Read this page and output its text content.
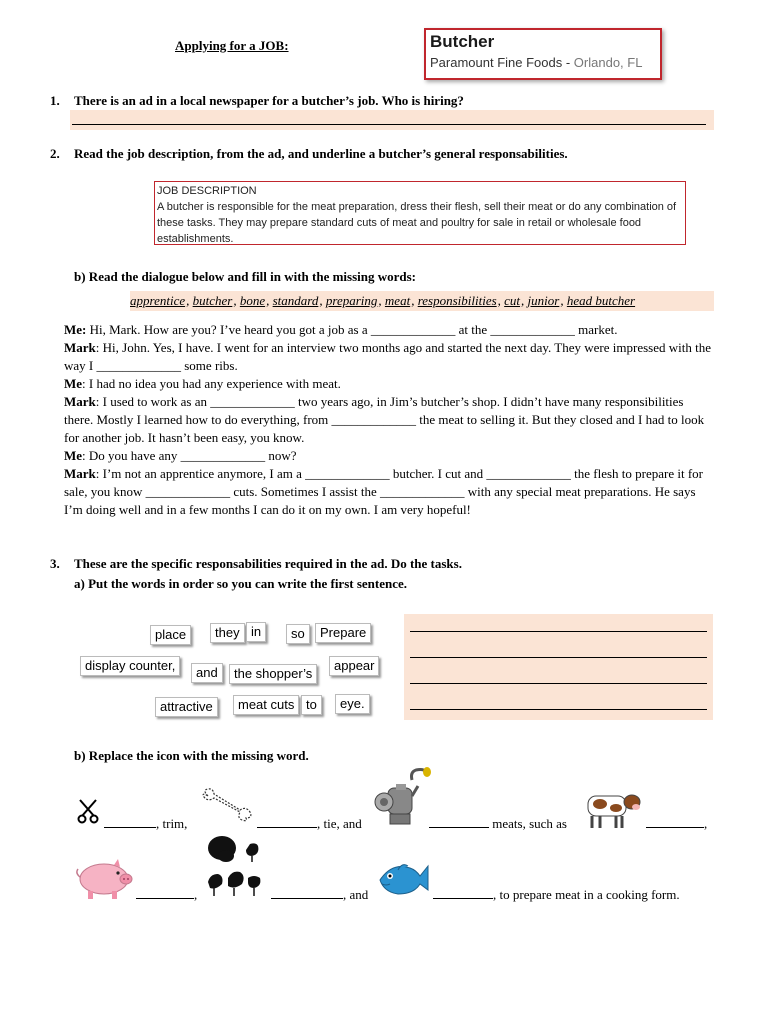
Applying for a JOB:	Butcher
Paramount Fine Foods - Orlando, FL
1. There is an ad in a local newspaper for a butcher’s job. Who is hiring?
2. Read the job description, from the ad, and underline a butcher’s general responsabilities.
JOB DESCRIPTION
A butcher is responsible for the meat preparation, dress their flesh, sell their meat or do any combination of these tasks. They may prepare standard cuts of meat and poultry for sale in retail or wholesale food establishments.
b) Read the dialogue below and fill in with the missing words:
apprentice, butcher, bone, standard, preparing, meat, responsibilities, cut, junior, head butcher

Me: Hi, Mark. How are you? I’ve heard you got a job as a _____________ at the _____________ market.

Mark: Hi, John. Yes, I have. I went for an interview two months ago and started the next day. They were impressed with the way I _____________ some ribs.

Me: I had no idea you had any experience with meat.

Mark: I used to work as an _____________ two years ago, in Jim’s butcher’s shop. I didn’t have many responsibilities there. Mostly I learned how to do everything, from _____________ the meat to selling it. But they closed and I had to look for another job. It hasn’t been easy, you know.

Me: Do you have any _____________ now?

Mark: I’m not an apprentice anymore, I am a _____________ butcher. I cut and _____________ the flesh to prepare it for sale, you know _____________ cuts. Sometimes I assist the _____________ with any special meat preparations. He says I’m doing well and in a few months I can do it on my own. I am very hopeful!

3. These are the specific responsabilities required in the ad. Do the tasks.
a) Put the words in order so you can write the first sentence.
place	they in	so	Prepare
display counter,	and	the shopper’s
appear
attractive	meat cuts to	eye.
b) Replace the icon with the missing word.
, trim,	, tie, and	meats, such as	,
,	, and	, to prepare meat in a cooking form.
